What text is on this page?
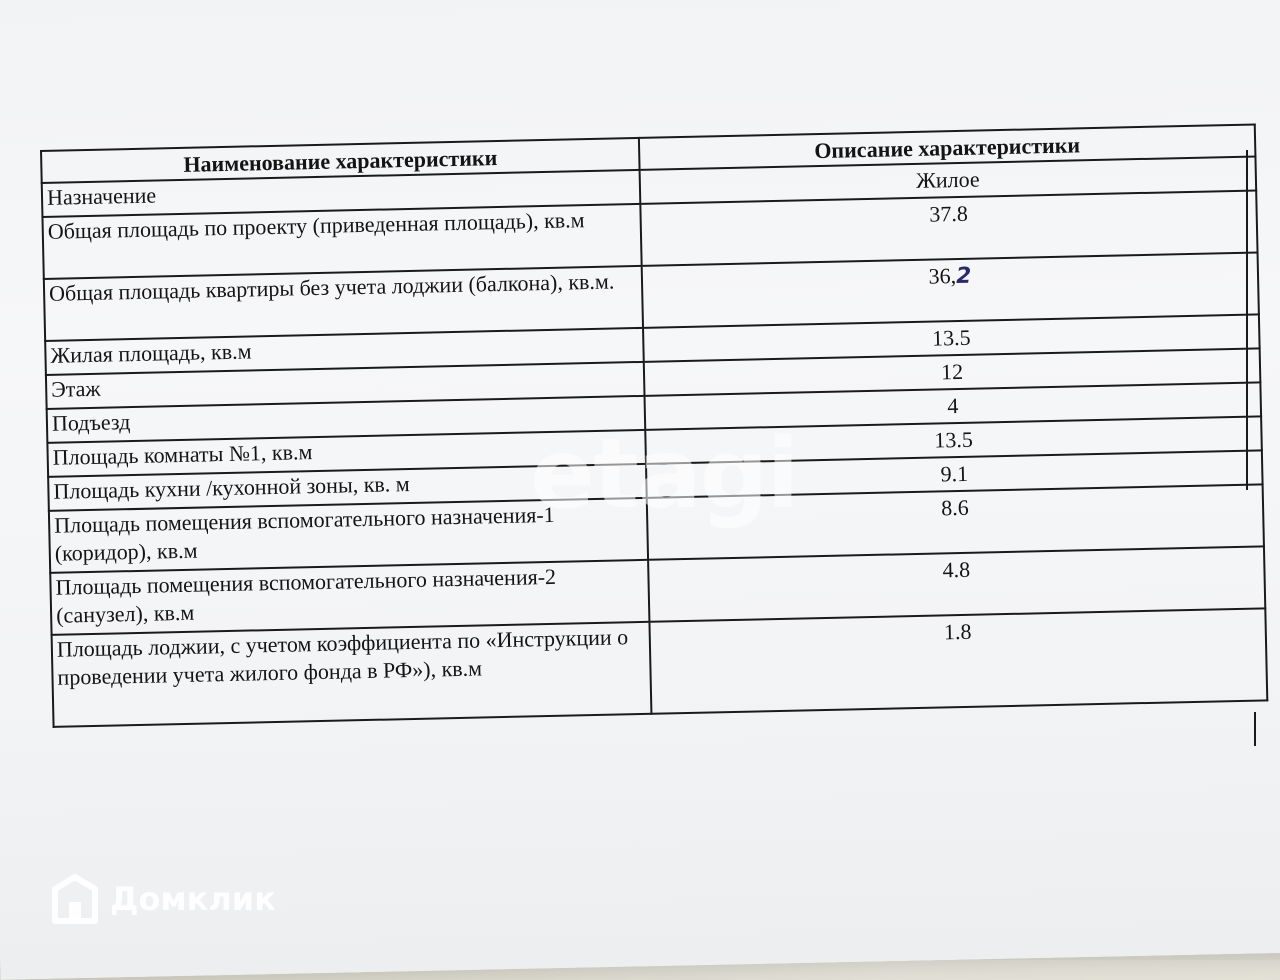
Наименование характеристики	Описание характеристики
Назначение	Жилое
Общая площадь по проекту (приведенная площадь), кв.м	37.8
Общая площадь квартиры без учета лоджии (балкона), кв.м.	36,2
Жилая площадь, кв.м	13.5
Этаж	12
Подъезд	4
Площадь комнаты №1, кв.м	13.5
Площадь кухни /кухонной зоны, кв. м	9.1
Площадь помещения вспомогательного назначения-1 (коридор), кв.м	8.6
Площадь помещения вспомогательного назначения-2 (санузел), кв.м	4.8
Площадь лоджии, с учетом коэффициента по «Инструкции о проведении учета жилого фонда в РФ»), кв.м	1.8
etagi
Домклик
